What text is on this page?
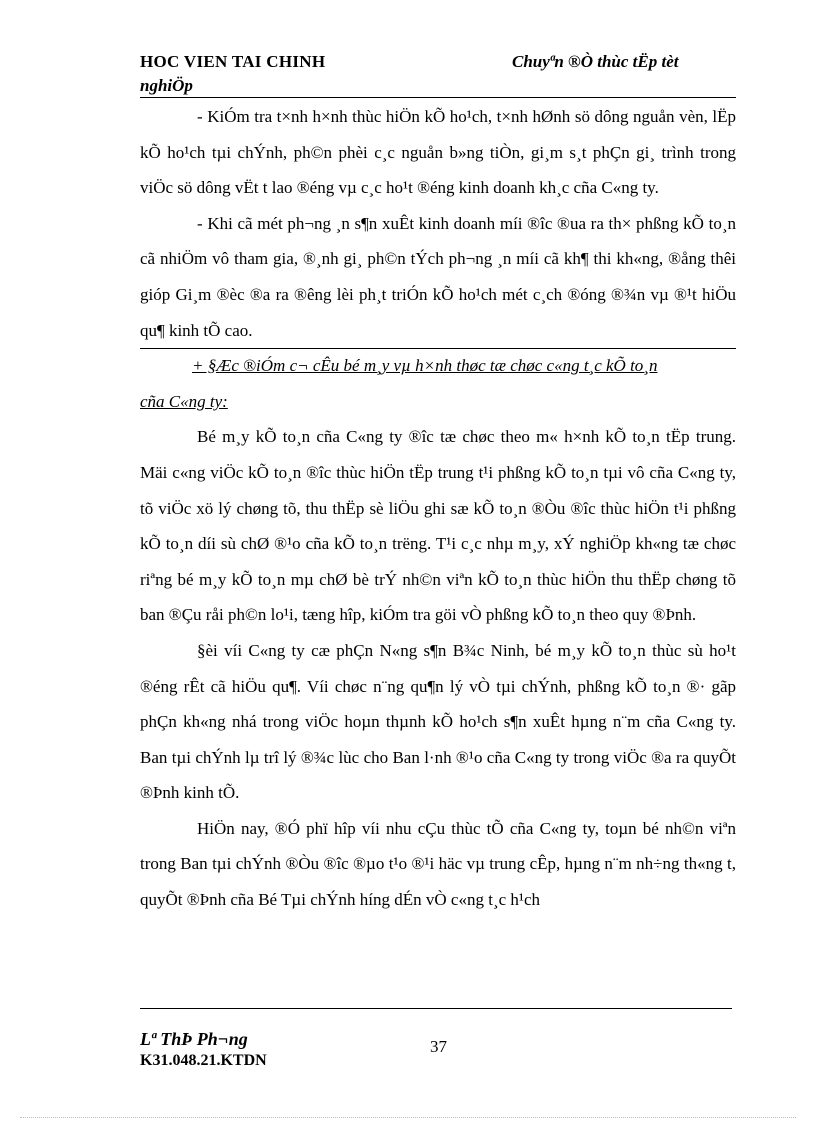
HOC VIEN TAI CHINH	Chuyªn ®Ò thùc tËp tèt
nghiÖp

- KiÓm tra t×nh h×nh thùc hiÖn kÕ ho¹ch, t×nh hØnh sö dông nguån vèn, lËp kÕ ho¹ch tµi chÝnh, ph©n phèi c¸c nguån b»ng tiÒn, gi¸m s¸t phÇn gi¸ trình trong viÖc sö dông vËt t lao ®éng vµ c¸c ho¹t ®éng kinh doanh kh¸c cña C«ng ty.

- Khi cã mét ph¬ng ¸n s¶n xuÊt kinh doanh míi ®îc ®ua ra th× phßng kÕ to¸n cã nhiÖm vô tham gia, ®¸nh gi¸ ph©n tÝch ph¬ng ¸n míi cã kh¶ thi kh«ng, ®ång thêi gióp Gi¸m ®èc ®a ra ®êng lèi ph¸t triÓn kÕ ho¹ch mét c¸ch ®óng ®¾n vµ ®¹t hiÖu qu¶ kinh tÕ cao.

+ §Æc ®iÓm c¬ cÊu bé m¸y vµ h×nh thøc tæ chøc c«ng t¸c kÕ to¸n
cña C«ng ty:

Bé m¸y kÕ to¸n cña C«ng ty ®îc tæ chøc theo m« h×nh kÕ to¸n tËp trung. Mäi c«ng viÖc kÕ to¸n ®îc thùc hiÖn tËp trung t¹i phßng kÕ to¸n tµi vô cña C«ng ty, tõ viÖc xö lý chøng tõ, thu thËp sè liÖu ghi sæ kÕ to¸n ®Òu ®îc thùc hiÖn t¹i phßng kÕ to¸n díi sù chØ ®¹o cña kÕ to¸n trëng. T¹i c¸c nhµ m¸y, xÝ nghiÖp kh«ng tæ chøc riªng bé m¸y kÕ to¸n mµ chØ bè trÝ nh©n viªn kÕ to¸n thùc hiÖn thu thËp chøng tõ ban ®Çu råi ph©n lo¹i, tæng hîp, kiÓm tra göi vÒ phßng kÕ to¸n theo quy ®Þnh.

§èi víi C«ng ty cæ phÇn N«ng s¶n B¾c Ninh, bé m¸y kÕ to¸n thùc sù ho¹t ®éng rÊt cã hiÖu qu¶. Víi chøc n¨ng qu¶n lý vÒ tµi chÝnh, phßng kÕ to¸n ®· gãp phÇn kh«ng nhá trong viÖc hoµn thµnh kÕ ho¹ch s¶n xuÊt hµng n¨m cña C«ng ty. Ban tµi chÝnh lµ trî lý ®¾c lùc cho Ban l·nh ®¹o cña C«ng ty trong viÖc ®a ra quyÕt ®Þnh kinh tÕ.

HiÖn nay, ®Ó phï hîp víi nhu cÇu thùc tÕ cña C«ng ty, toµn bé nh©n viªn trong Ban tµi chÝnh ®Òu ®îc ®µo t¹o ®¹i häc vµ trung cÊp, hµng n¨m nh÷ng th«ng t, quyÕt ®Þnh cña Bé Tµi chÝnh híng dÉn vÒ c«ng t¸c h¹ch

Lª ThÞ Ph¬ng
K31.048.21.KTDN
37
